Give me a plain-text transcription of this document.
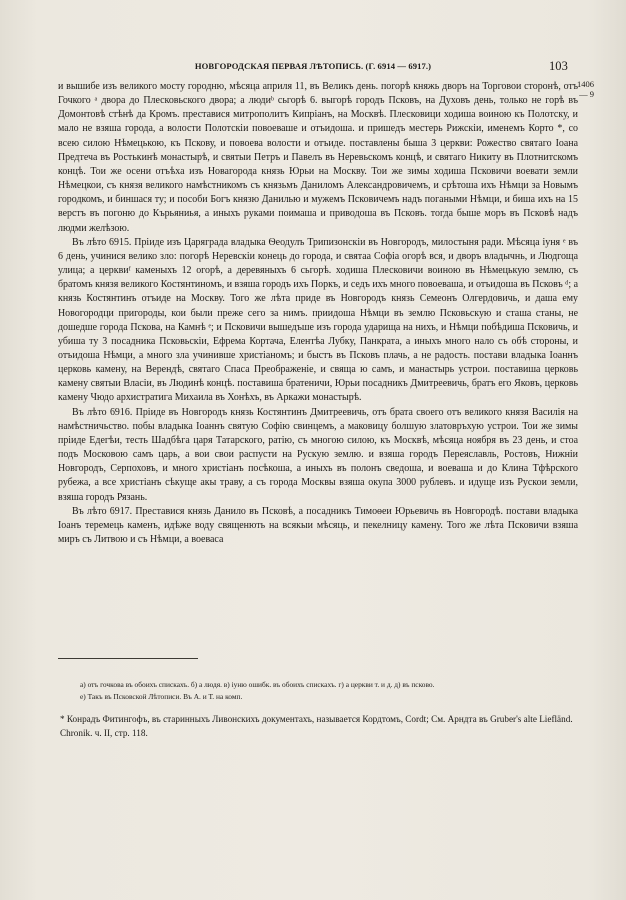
НОВГОРОДСКАЯ ПЕРВАЯ ЛѢТОПИСЬ. (Г. 6914 — 6917.)	103
1406
— 9

и вышибе изъ великого мосту городню, мѣсяца априля 11, въ Великъ день. погорѣ княжь дворъ на Торговои сторонѣ, отъ Гочкого ᵃ двора до Плесковьского двора; а людиᵇ сьгорѣ 6. выгорѣ городъ Псковъ, на Духовъ день, только не горѣ въ Домонтовѣ стѣнѣ да Кромъ. преставися митрополитъ Кипріанъ, на Москвѣ. Плесковици ходиша воиною къ Полотску, и мало не взяша города, а волости Полотскiи повоеваше и отъидоша. и пришедъ местерь Рижскiи, именемъ Корто *, со всею силою Нѣмецькою, къ Пскову, и повоева волости и отъиде. поставлены быша 3 церкви: Рожество святаго Іоана Предтеча въ Ростькинѣ монастырѣ, и святыи Петръ и Павелъ въ Неревьскомъ концѣ, и святаго Никиту въ Плотнитскомъ концѣ. Тои же осени отъѣха изъ Новагорода князь Юрьи на Москву. Тои же зимы ходиша Псковичи воевати земли Нѣмецкои, съ князя великого намѣстникомъ съ князьмъ Даниломъ Александровичемъ, и срѣтоша ихъ Нѣмци за Новымъ городкомъ, и биншася ту; и пособи Богъ князю Данилью и мужемъ Псковичемъ надъ погаными Нѣмци, и биша ихъ на 15 верстъ въ погоню до Кърьяниья, а иныхъ руками поимаша и приводоша въ Псковъ. тогда быше моръ въ Псковѣ надъ людми желѣзою.

Въ лѣто 6915. Пріиде изъ Царяграда владыка Ѳеодулъ Трипизонскiи въ Новгородъ, милостыня ради. Мѣсяца іуня ᵉ въ 6 день, учинися велико зло: погорѣ Неревскiи конець до города, и святаа Софiа огорѣ вся, и дворъ владычнь, и Людгоща улица; а церквиᶠ каменыхъ 12 огорѣ, а деревяныхъ 6 сьгорѣ. ходиша Плесковичи воиною въ Нѣмецькую землю, съ братомъ князя великого Костянтиномъ, и взяша городъ ихъ Поркъ, и седъ ихъ много повоеваша, и отъидоша въ Псковъ ᵈ; а князь Костянтинъ отъиде на Москву. Того же лѣта приде въ Новгородъ князь Семеонъ Олгердовичь, и даша ему Новогородци пригороды, кои были преже сего за нимъ. приидоша Нѣмци въ землю Псковьскую и сташа станы, не дошедше города Пскова, на Камнѣ ᵉ; и Псковичи вышедъше изъ города ударища на нихъ, и Нѣмци побѣдиша Псковичь, и убиша ту 3 посадника Псковьскiи, Ефрема Кортача, Елентѣа Лубку, Панкрата, а иныхъ много нало съ обѣ стороны, и отъидоша Нѣмци, а много зла учинивше христіаномъ; и быстъ въ Псковъ плачь, а не радость. постави владыка Іоаннъ церковь камену, на Верендѣ, святаго Спаса Преображенiе, и свяща ю самъ, и манастырь устрои. поставиша церковь камену святыи Власiи, въ Людинѣ концѣ. поставиша братеничи, Юрьи посадникъ Дмитреевичь, братъ его Яковъ, церковь камену Чюдо архистратига Михаила въ Хонѣхъ, въ Аркажи монастырѣ.

Въ лѣто 6916. Пріиде въ Новгородъ князь Костянтинъ Дмитреевичь, отъ брата своего отъ великого князя Василiя на намѣстничьство. побы владыка Іоаннъ святую Софію свинцемъ, а маковицу болшую златовръхую устрои. Тои же зимы пріиде Едегѣи, тесть Шадбѣга царя Татарского, ратію, съ многою силою, къ Москвѣ, мѣсяца ноября въ 23 день, и стоа подъ Московою самъ царь, а вои свои распусти на Рускую землю. и взяша городъ Переяславль, Ростовъ, Нижнiи Новгородъ, Серпоховъ, и много христіанъ посѣкоша, а иныхъ въ полонъ сведоша, и воеваша и до Клина Тфѣрского рубежа, а все христіанъ сѣкуще акы траву, а съ города Москвы взяша окупа 3000 рублевъ. и идуще изъ Рускои земли, взяша городъ Рязань.

Въ лѣто 6917. Преставися князь Данило въ Псковѣ, а посадникъ Тимоѳеи Юрьевичь въ Новгородѣ. постави владыка Іоанъ теремець каменъ, идѣже воду священють на всякыи мѣсяць, и пекелницу камену. Того же лѣта Псковичи взяша миръ съ Литвою и съ Нѣмци, а воеваса

а) отъ гочкова въ обоихъ спискахъ. б) а людя. в) іуню ошибк. въ обоихъ спискахъ. г) а церкви т. и д. д) въ псково.
е) Такъ въ Псковской Лѣтописи. Въ А. и Т. на комп.

* Конрадъ Фитингофъ, въ старинныхъ Ливонскихъ документахъ, называется Кордтомъ, Cordt; См. Арндта въ Gruber's alte Liefländ. Chronik. ч. II, стр. 118.
